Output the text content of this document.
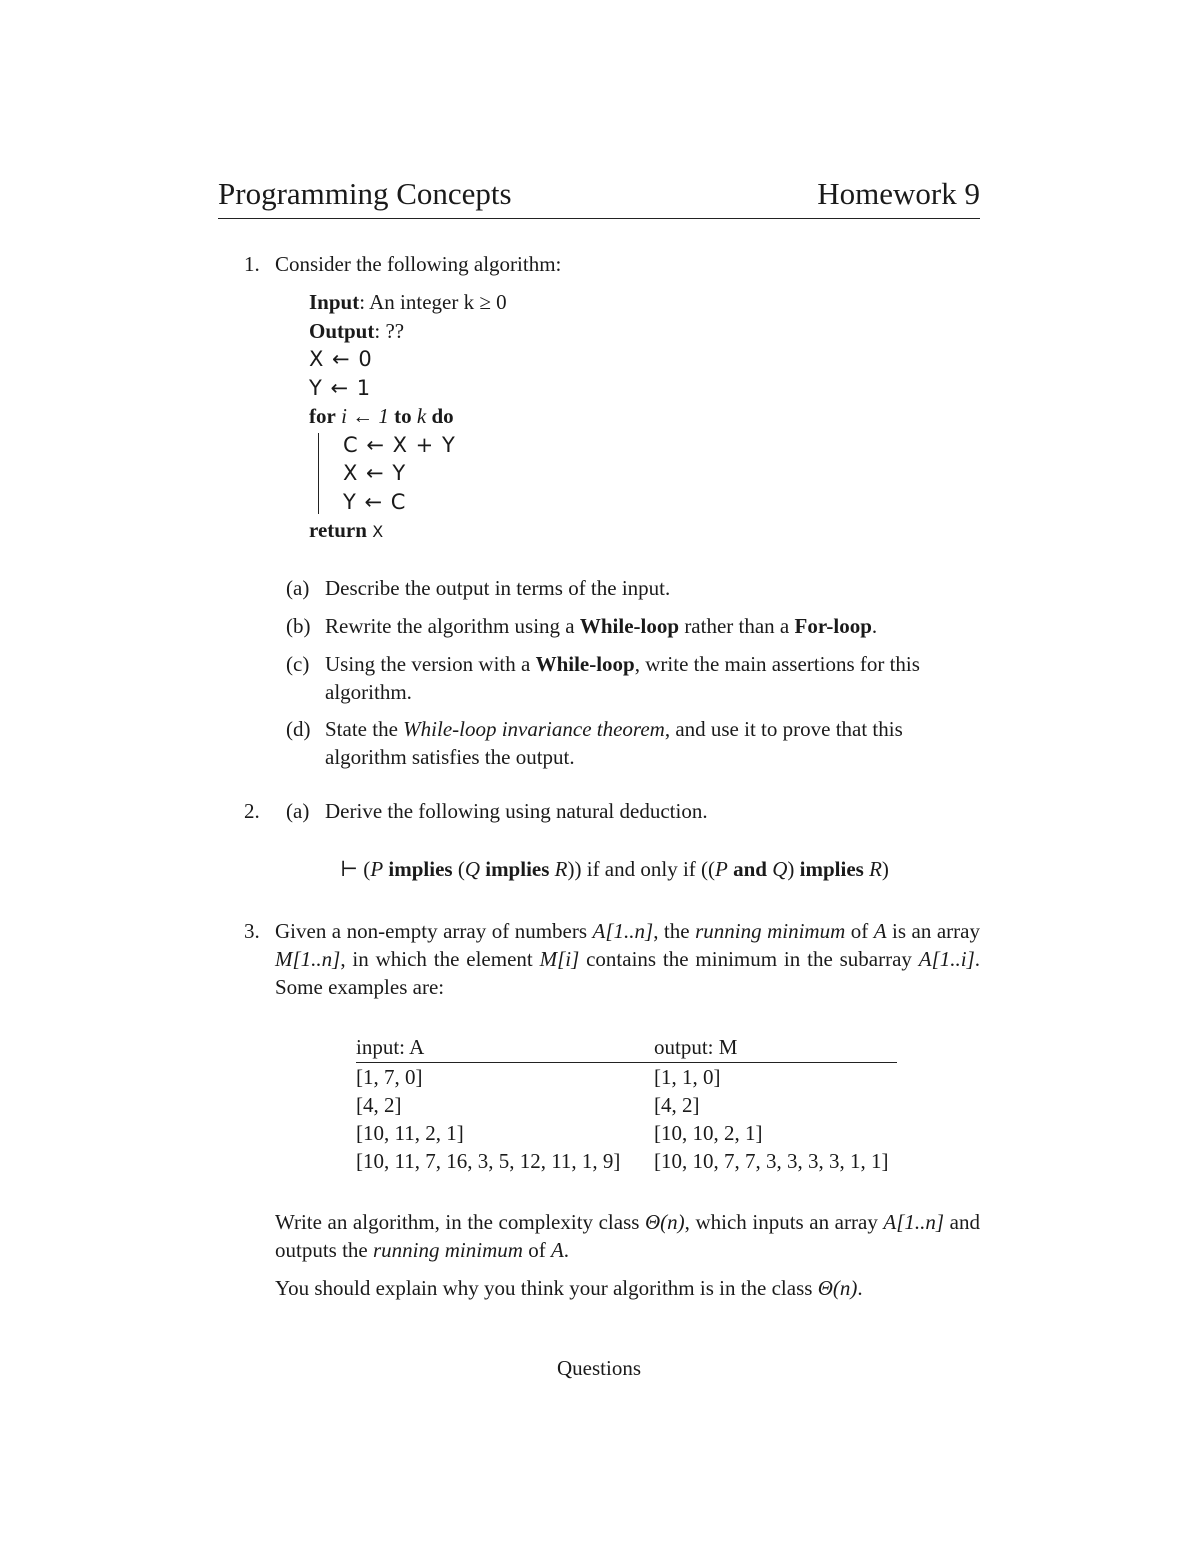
Programming Concepts	Homework 9
1. Consider the following algorithm:
Input: An integer k ≥ 0
Output: ??
X ← 0
Y ← 1
for i ← 1 to k do
C ← X + Y
X ← Y
Y ← C
return X
(a) Describe the output in terms of the input.
(b) Rewrite the algorithm using a While-loop rather than a For-loop.
(c) Using the version with a While-loop, write the main assertions for this algorithm.
(d) State the While-loop invariance theorem, and use it to prove that this algorithm satisfies the output.
2. (a) Derive the following using natural deduction.
⊢ (P implies (Q implies R)) if and only if ((P and Q) implies R)
3. Given a non-empty array of numbers A[1..n], the running minimum of A is an array M[1..n], in which the element M[i] contains the minimum in the subarray A[1..i]. Some examples are:
input: A	output: M
[1, 7, 0]	[1, 1, 0]
[4, 2]	[4, 2]
[10, 11, 2, 1]	[10, 10, 2, 1]
[10, 11, 7, 16, 3, 5, 12, 11, 1, 9]	[10, 10, 7, 7, 3, 3, 3, 3, 1, 1]
Write an algorithm, in the complexity class Θ(n), which inputs an array A[1..n] and outputs the running minimum of A.
You should explain why you think your algorithm is in the class Θ(n).
Questions
